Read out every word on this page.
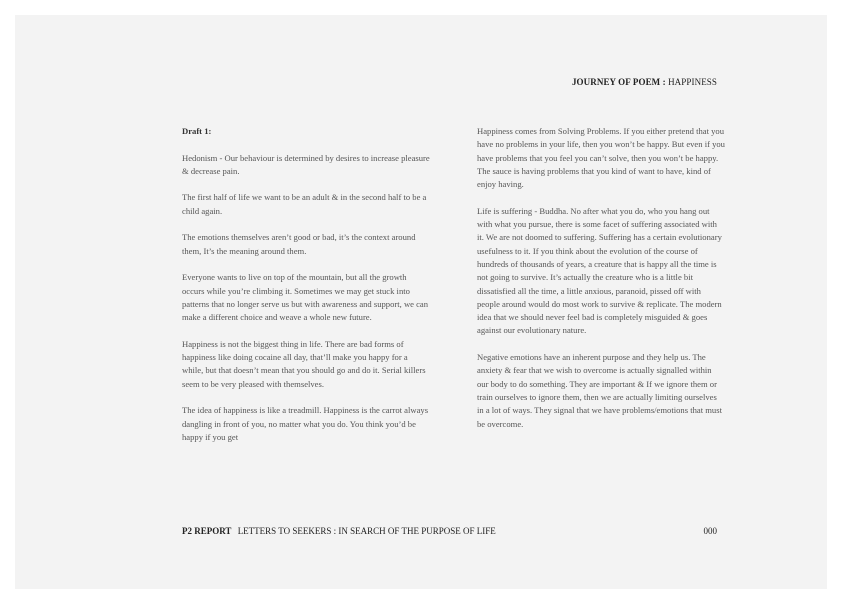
JOURNEY OF POEM : HAPPINESS

Draft 1:

Hedonism - Our behaviour is determined by desires to increase pleasure & decrease pain.

The first half of life we want to be an adult & in the second half to be a child again.

The emotions themselves aren’t good or bad, it’s the context around them, It’s the meaning around them.

Everyone wants to live on top of the mountain, but all the growth occurs while you’re climbing it. Sometimes we may get stuck into patterns that no longer serve us but with awareness and support, we can make a different choice and weave a whole new future.

Happiness is not the biggest thing in life. There are bad forms of happiness like doing cocaine all day, that’ll make you happy for a while, but that doesn’t mean that you should go and do it. Serial killers seem to be very pleased with themselves.

The idea of happiness is like a treadmill. Happiness is the carrot always dangling in front of you, no matter what you do. You think you’d be happy if you get

Happiness comes from Solving Problems. If you either pretend that you have no problems in your life, then you won’t be happy. But even if you have problems that you feel you can’t solve, then you won’t be happy. The sauce is having problems that you kind of want to have, kind of enjoy having.

Life is suffering - Buddha. No after what you do, who you hang out with what you pursue, there is some facet of suffering associated with it. We are not doomed to suffering. Suffering has a certain evolutionary usefulness to it. If you think about the evolution of the course of hundreds of thousands of years, a creature that is happy all the time is not going to survive. It’s actually the creature who is a little bit dissatisfied all the time, a little anxious, paranoid, pissed off with people around would do most work to survive & replicate. The modern idea that we should never feel bad is completely misguided & goes against our evolutionary nature.

Negative emotions have an inherent purpose and they help us. The anxiety & fear that we wish to overcome is actually signalled within our body to do something. They are important & If we ignore them or train ourselves to ignore them, then we are actually limiting ourselves in a lot of ways. They signal that we have problems/emotions that must be overcome.

P2 REPORT LETTERS TO SEEKERS : IN SEARCH OF THE PURPOSE OF LIFE	000
